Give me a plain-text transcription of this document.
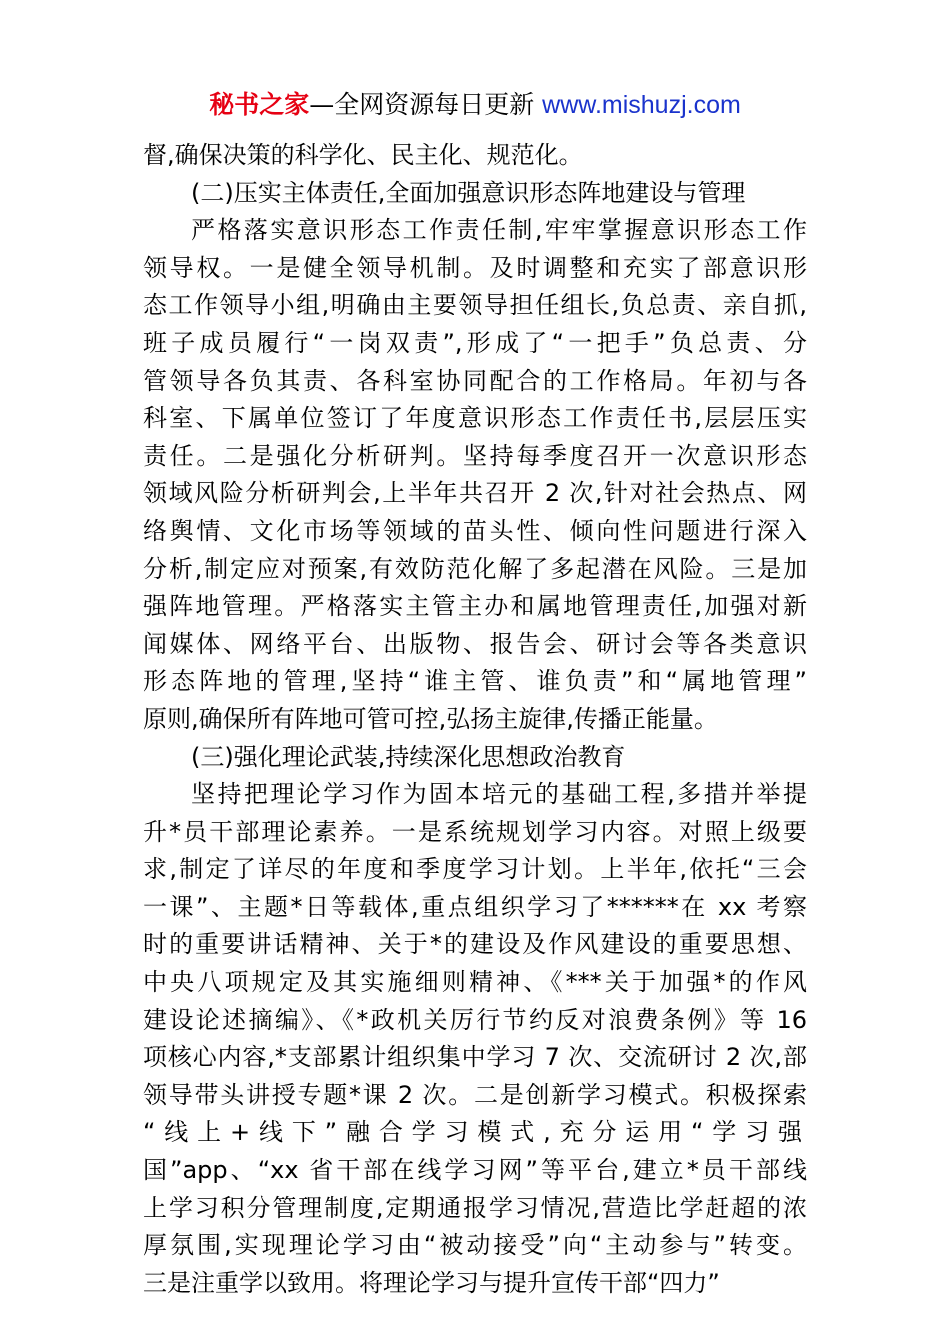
秘书之家—全网资源每日更新 www.mishuzj.com
督,确保决策的科学化、民主化、规范化。
(二)压实主体责任,全面加强意识形态阵地建设与管理
严格落实意识形态工作责任制,牢牢掌握意识形态工作
领导权。一是健全领导机制。及时调整和充实了部意识形
态工作领导小组,明确由主要领导担任组长,负总责、亲自抓,
班子成员履行“一岗双责”,形成了“一把手”负总责、分
管领导各负其责、各科室协同配合的工作格局。年初与各
科室、下属单位签订了年度意识形态工作责任书,层层压实
责任。二是强化分析研判。坚持每季度召开一次意识形态
领域风险分析研判会,上半年共召开 2 次,针对社会热点、网
络舆情、文化市场等领域的苗头性、倾向性问题进行深入
分析,制定应对预案,有效防范化解了多起潜在风险。三是加
强阵地管理。严格落实主管主办和属地管理责任,加强对新
闻媒体、网络平台、出版物、报告会、研讨会等各类意识
形态阵地的管理,坚持“谁主管、谁负责”和“属地管理”
原则,确保所有阵地可管可控,弘扬主旋律,传播正能量。
(三)强化理论武装,持续深化思想政治教育
坚持把理论学习作为固本培元的基础工程,多措并举提
升*员干部理论素养。一是系统规划学习内容。对照上级要
求,制定了详尽的年度和季度学习计划。上半年,依托“三会
一课”、主题*日等载体,重点组织学习了******在 xx 考察
时的重要讲话精神、关于*的建设及作风建设的重要思想、
中央八项规定及其实施细则精神、《***关于加强*的作风
建设论述摘编》、《*政机关厉行节约反对浪费条例》等 16
项核心内容,*支部累计组织集中学习 7 次、交流研讨 2 次,部
领导带头讲授专题*课 2 次。二是创新学习模式。积极探索
“线上+线下”融合学习模式,充分运用“学习强
国”app、“xx 省干部在线学习网”等平台,建立*员干部线
上学习积分管理制度,定期通报学习情况,营造比学赶超的浓
厚氛围,实现理论学习由“被动接受”向“主动参与”转变。
三是注重学以致用。将理论学习与提升宣传干部“四力”
